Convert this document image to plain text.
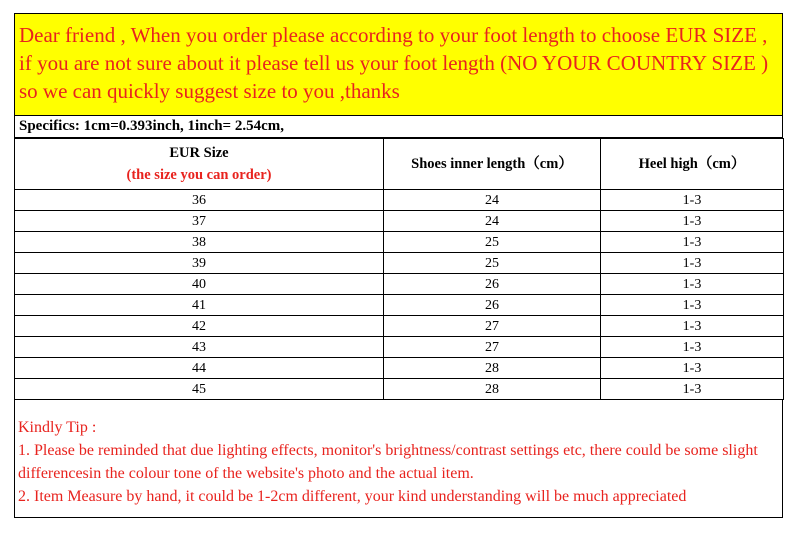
Dear friend , When you order please according to your foot length to choose EUR SIZE , if you are not sure about it please tell us your foot length (NO YOUR COUNTRY SIZE ) so we can quickly suggest size to you ,thanks
Specifics: 1cm=0.393inch, 1inch= 2.54cm,
EUR Size
(the size you can order)	Shoes inner length（cm）	Heel high（cm）
36	24	1-3
37	24	1-3
38	25	1-3
39	25	1-3
40	26	1-3
41	26	1-3
42	27	1-3
43	27	1-3
44	28	1-3
45	28	1-3
Kindly Tip :
1. Please be reminded that due lighting effects, monitor's brightness/contrast settings etc, there could be some slight differencesin the colour tone of the website's photo and the actual item.
2. Item Measure by hand, it could be 1-2cm different, your kind understanding will be much appreciated
